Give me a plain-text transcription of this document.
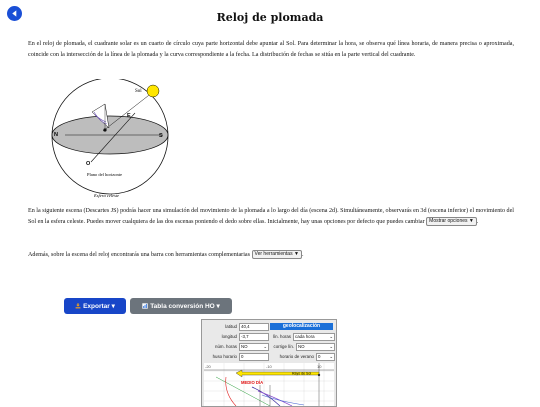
Reloj de plomada

En el reloj de plomada, el cuadrante solar es un cuarto de círculo cuya parte horizontal debe apuntar al Sol. Para determinar la hora, se observa qué línea horaria, de manera precisa o aproximada, coincide con la intersección de la línea de la plomada y la curva correspondiente a la fecha. La distribución de fechas se sitúa en la parte vertical del cuadrante.

Sol
E
N	S
O
Plano del horizonte
Esfera celeste

En la siguiente escena (Descartes JS) podrás hacer una simulación del movimiento de la plomada a lo largo del día (escena 2d). Simultáneamente, observarás en 3d (escena inferior) el movimiento del Sol en la esfera celeste. Puedes mover cualquiera de las dos escenas poniendo el dedo sobre ellas. Inicialmente, hay unas opciones por defecto que puedes cambiar Mostrar opciones ▼ .

Además, sobre la escena del reloj encontrarás una barra con herramientas complementarias Ver herramientas ▼ .

Exportar ▾	Tabla conversión HO ▾
latitud 40,4	geolocalización
longitud -3,7	lín. horas cada hora	⌄
núm. horas NO	⌄	corrige lín. NO	⌄
huso horario 0	horario de verano 0 ⌄
-20	-10	10
Rayo de Sol
MEDIO DÍA
